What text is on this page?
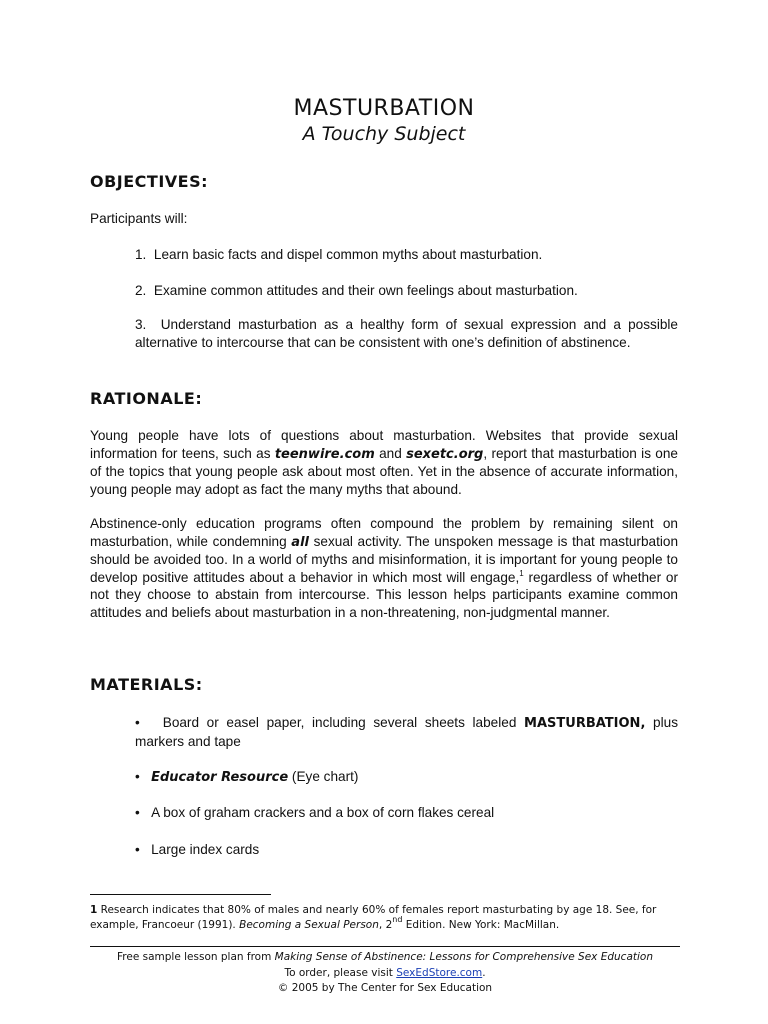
MASTURBATION
A Touchy Subject
OBJECTIVES:
Participants will:
1. Learn basic facts and dispel common myths about masturbation.
2. Examine common attitudes and their own feelings about masturbation.
3. Understand masturbation as a healthy form of sexual expression and a possible alternative to intercourse that can be consistent with one’s definition of abstinence.
RATIONALE:
Young people have lots of questions about masturbation. Websites that provide sexual information for teens, such as teenwire.com and sexetc.org, report that masturbation is one of the topics that young people ask about most often. Yet in the absence of accurate information, young people may adopt as fact the many myths that abound.
Abstinence-only education programs often compound the problem by remaining silent on masturbation, while condemning all sexual activity. The unspoken message is that masturbation should be avoided too. In a world of myths and misinformation, it is important for young people to develop positive attitudes about a behavior in which most will engage,$^1$ regardless of whether or not they choose to abstain from intercourse. This lesson helps participants examine common attitudes and beliefs about masturbation in a non-threatening, non-judgmental manner.
MATERIALS:
• Board or easel paper, including several sheets labeled MASTURBATION, plus markers and tape
• Educator Resource (Eye chart)
• A box of graham crackers and a box of corn flakes cereal
• Large index cards
1 Research indicates that 80% of males and nearly 60% of females report masturbating by age 18. See, for example, Francoeur (1991). Becoming a Sexual Person, 2nd Edition. New York: MacMillan.
Free sample lesson plan from Making Sense of Abstinence: Lessons for Comprehensive Sex Education
To order, please visit SexEdStore.com.
© 2005 by The Center for Sex Education
